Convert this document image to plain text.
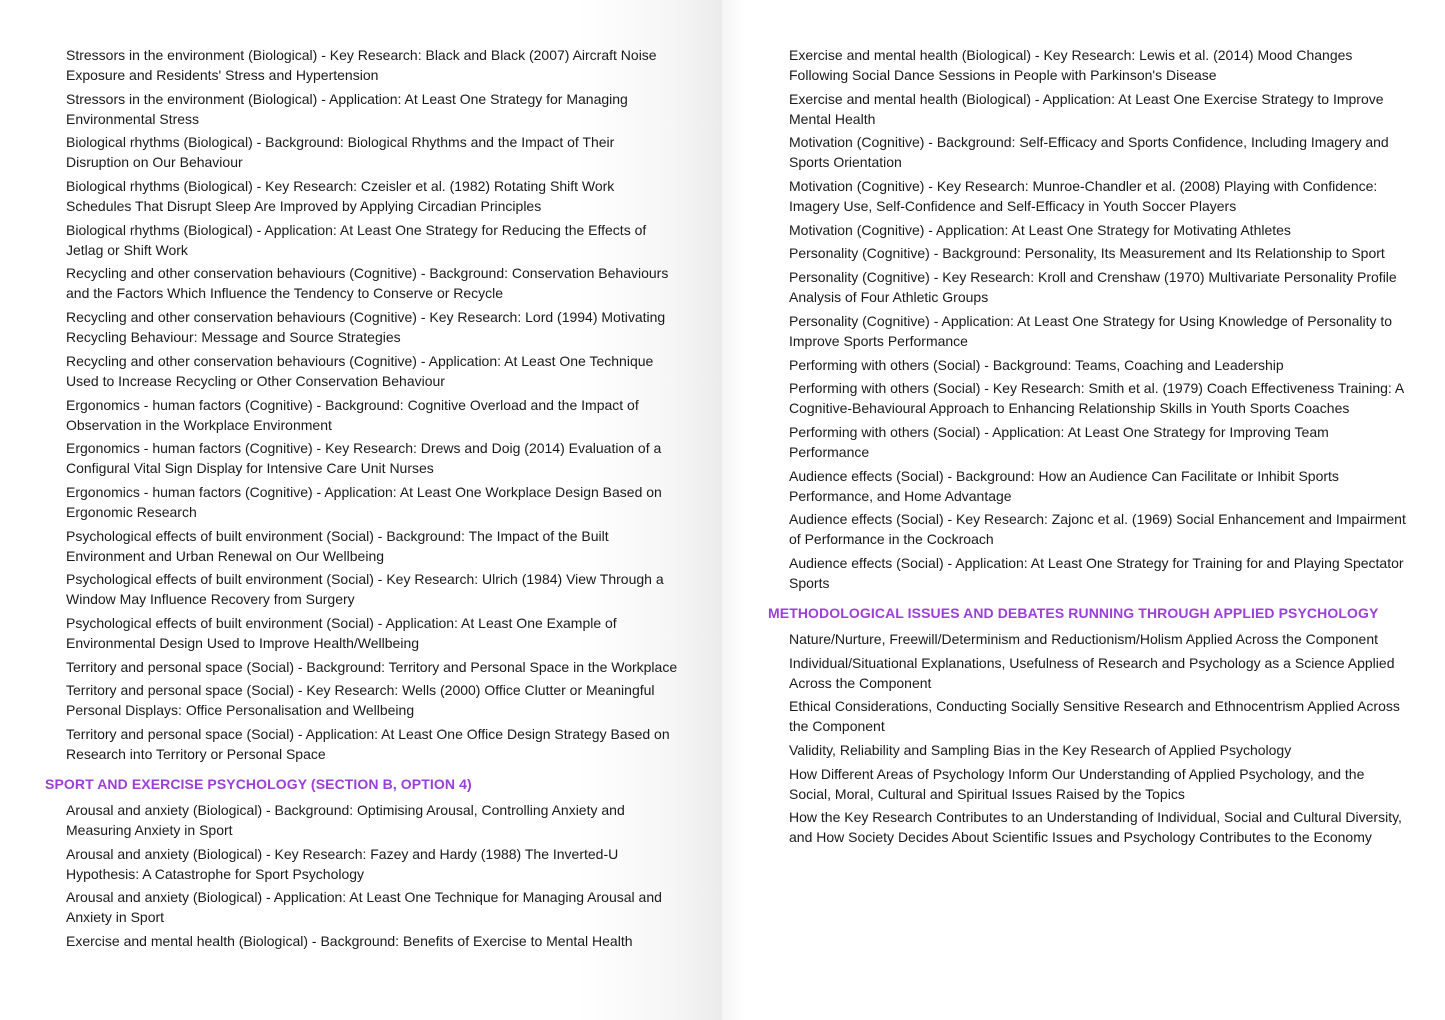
Stressors in the environment (Biological) - Key Research: Black and Black (2007) Aircraft Noise Exposure and Residents' Stress and Hypertension
Stressors in the environment (Biological) - Application: At Least One Strategy for Managing Environmental Stress
Biological rhythms (Biological) - Background: Biological Rhythms and the Impact of Their Disruption on Our Behaviour
Biological rhythms (Biological) - Key Research: Czeisler et al. (1982) Rotating Shift Work Schedules That Disrupt Sleep Are Improved by Applying Circadian Principles
Biological rhythms (Biological) - Application: At Least One Strategy for Reducing the Effects of Jetlag or Shift Work
Recycling and other conservation behaviours (Cognitive) - Background: Conservation Behaviours and the Factors Which Influence the Tendency to Conserve or Recycle
Recycling and other conservation behaviours (Cognitive) - Key Research: Lord (1994) Motivating Recycling Behaviour: Message and Source Strategies
Recycling and other conservation behaviours (Cognitive) - Application: At Least One Technique Used to Increase Recycling or Other Conservation Behaviour
Ergonomics - human factors (Cognitive) - Background: Cognitive Overload and the Impact of Observation in the Workplace Environment
Ergonomics - human factors (Cognitive) - Key Research: Drews and Doig (2014) Evaluation of a Configural Vital Sign Display for Intensive Care Unit Nurses
Ergonomics - human factors (Cognitive) - Application: At Least One Workplace Design Based on Ergonomic Research
Psychological effects of built environment (Social) - Background: The Impact of the Built Environment and Urban Renewal on Our Wellbeing
Psychological effects of built environment (Social) - Key Research: Ulrich (1984) View Through a Window May Influence Recovery from Surgery
Psychological effects of built environment (Social) - Application: At Least One Example of Environmental Design Used to Improve Health/Wellbeing
Territory and personal space (Social) - Background: Territory and Personal Space in the Workplace
Territory and personal space (Social) - Key Research: Wells (2000) Office Clutter or Meaningful Personal Displays: Office Personalisation and Wellbeing
Territory and personal space (Social) - Application: At Least One Office Design Strategy Based on Research into Territory or Personal Space
SPORT AND EXERCISE PSYCHOLOGY (SECTION B, OPTION 4)
Arousal and anxiety (Biological) - Background: Optimising Arousal, Controlling Anxiety and Measuring Anxiety in Sport
Arousal and anxiety (Biological) - Key Research: Fazey and Hardy (1988) The Inverted-U Hypothesis: A Catastrophe for Sport Psychology
Arousal and anxiety (Biological) - Application: At Least One Technique for Managing Arousal and Anxiety in Sport
Exercise and mental health (Biological) - Background: Benefits of Exercise to Mental Health
Exercise and mental health (Biological) - Key Research: Lewis et al. (2014) Mood Changes Following Social Dance Sessions in People with Parkinson's Disease
Exercise and mental health (Biological) - Application: At Least One Exercise Strategy to Improve Mental Health
Motivation (Cognitive) - Background: Self-Efficacy and Sports Confidence, Including Imagery and Sports Orientation
Motivation (Cognitive) - Key Research: Munroe-Chandler et al. (2008) Playing with Confidence: Imagery Use, Self-Confidence and Self-Efficacy in Youth Soccer Players
Motivation (Cognitive) - Application: At Least One Strategy for Motivating Athletes
Personality (Cognitive) - Background: Personality, Its Measurement and Its Relationship to Sport
Personality (Cognitive) - Key Research: Kroll and Crenshaw (1970) Multivariate Personality Profile Analysis of Four Athletic Groups
Personality (Cognitive) - Application: At Least One Strategy for Using Knowledge of Personality to Improve Sports Performance
Performing with others (Social) - Background: Teams, Coaching and Leadership
Performing with others (Social) - Key Research: Smith et al. (1979) Coach Effectiveness Training: A Cognitive-Behavioural Approach to Enhancing Relationship Skills in Youth Sports Coaches
Performing with others (Social) - Application: At Least One Strategy for Improving Team Performance
Audience effects (Social) - Background: How an Audience Can Facilitate or Inhibit Sports Performance, and Home Advantage
Audience effects (Social) - Key Research: Zajonc et al. (1969) Social Enhancement and Impairment of Performance in the Cockroach
Audience effects (Social) - Application: At Least One Strategy for Training for and Playing Spectator Sports
METHODOLOGICAL ISSUES AND DEBATES RUNNING THROUGH APPLIED PSYCHOLOGY
Nature/Nurture, Freewill/Determinism and Reductionism/Holism Applied Across the Component
Individual/Situational Explanations, Usefulness of Research and Psychology as a Science Applied Across the Component
Ethical Considerations, Conducting Socially Sensitive Research and Ethnocentrism Applied Across the Component
Validity, Reliability and Sampling Bias in the Key Research of Applied Psychology
How Different Areas of Psychology Inform Our Understanding of Applied Psychology, and the Social, Moral, Cultural and Spiritual Issues Raised by the Topics
How the Key Research Contributes to an Understanding of Individual, Social and Cultural Diversity, and How Society Decides About Scientific Issues and Psychology Contributes to the Economy
